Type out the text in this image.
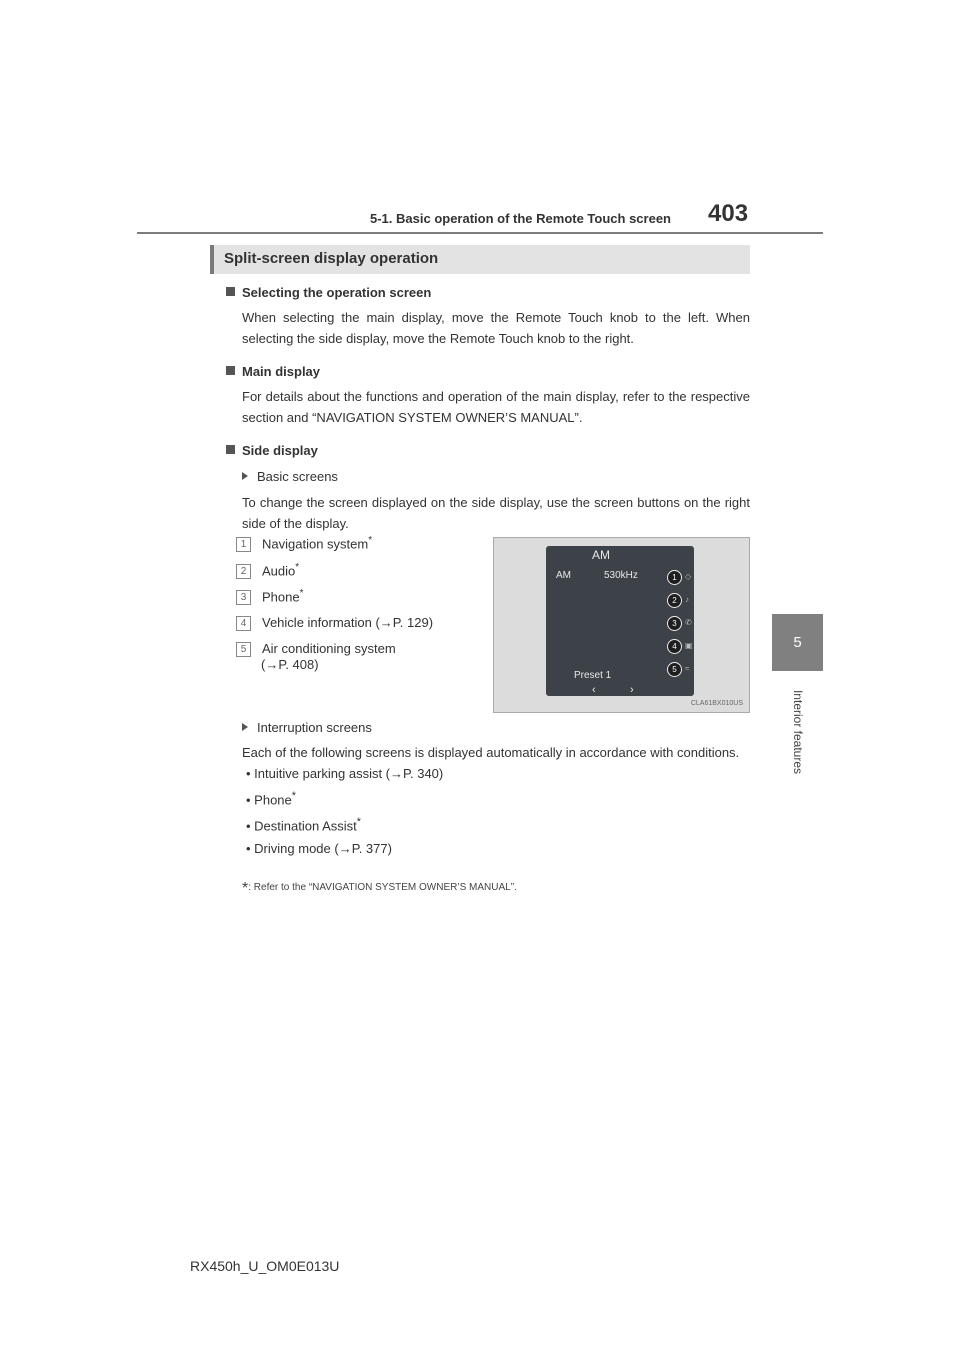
5-1. Basic operation of the Remote Touch screen 403
5
Interior features
Split-screen display operation

Selecting the operation screen

When selecting the main display, move the Remote Touch knob to the left. When selecting the side display, move the Remote Touch knob to the right.

Main display

For details about the functions and operation of the main display, refer to the respective section and “NAVIGATION SYSTEM OWNER’S MANUAL”.

Side display

Basic screens

To change the screen displayed on the side display, use the screen buttons on the right side of the display.

1 Navigation system*
2 Audio*
3 Phone*
4 Vehicle information (→P. 129)
5 Air conditioning system
(→P. 408)
AM
AM	530kHz	1
2
3
4
5
◇
♪
✆
▣
≈
Preset 1
‹	›
CLA61BX010US

Interruption screens

Each of the following screens is displayed automatically in accordance with conditions.

• Intuitive parking assist (→P. 340)
• Phone*
• Destination Assist*
• Driving mode (→P. 377)
*: Refer to the “NAVIGATION SYSTEM OWNER’S MANUAL”.
RX450h_U_OM0E013U
